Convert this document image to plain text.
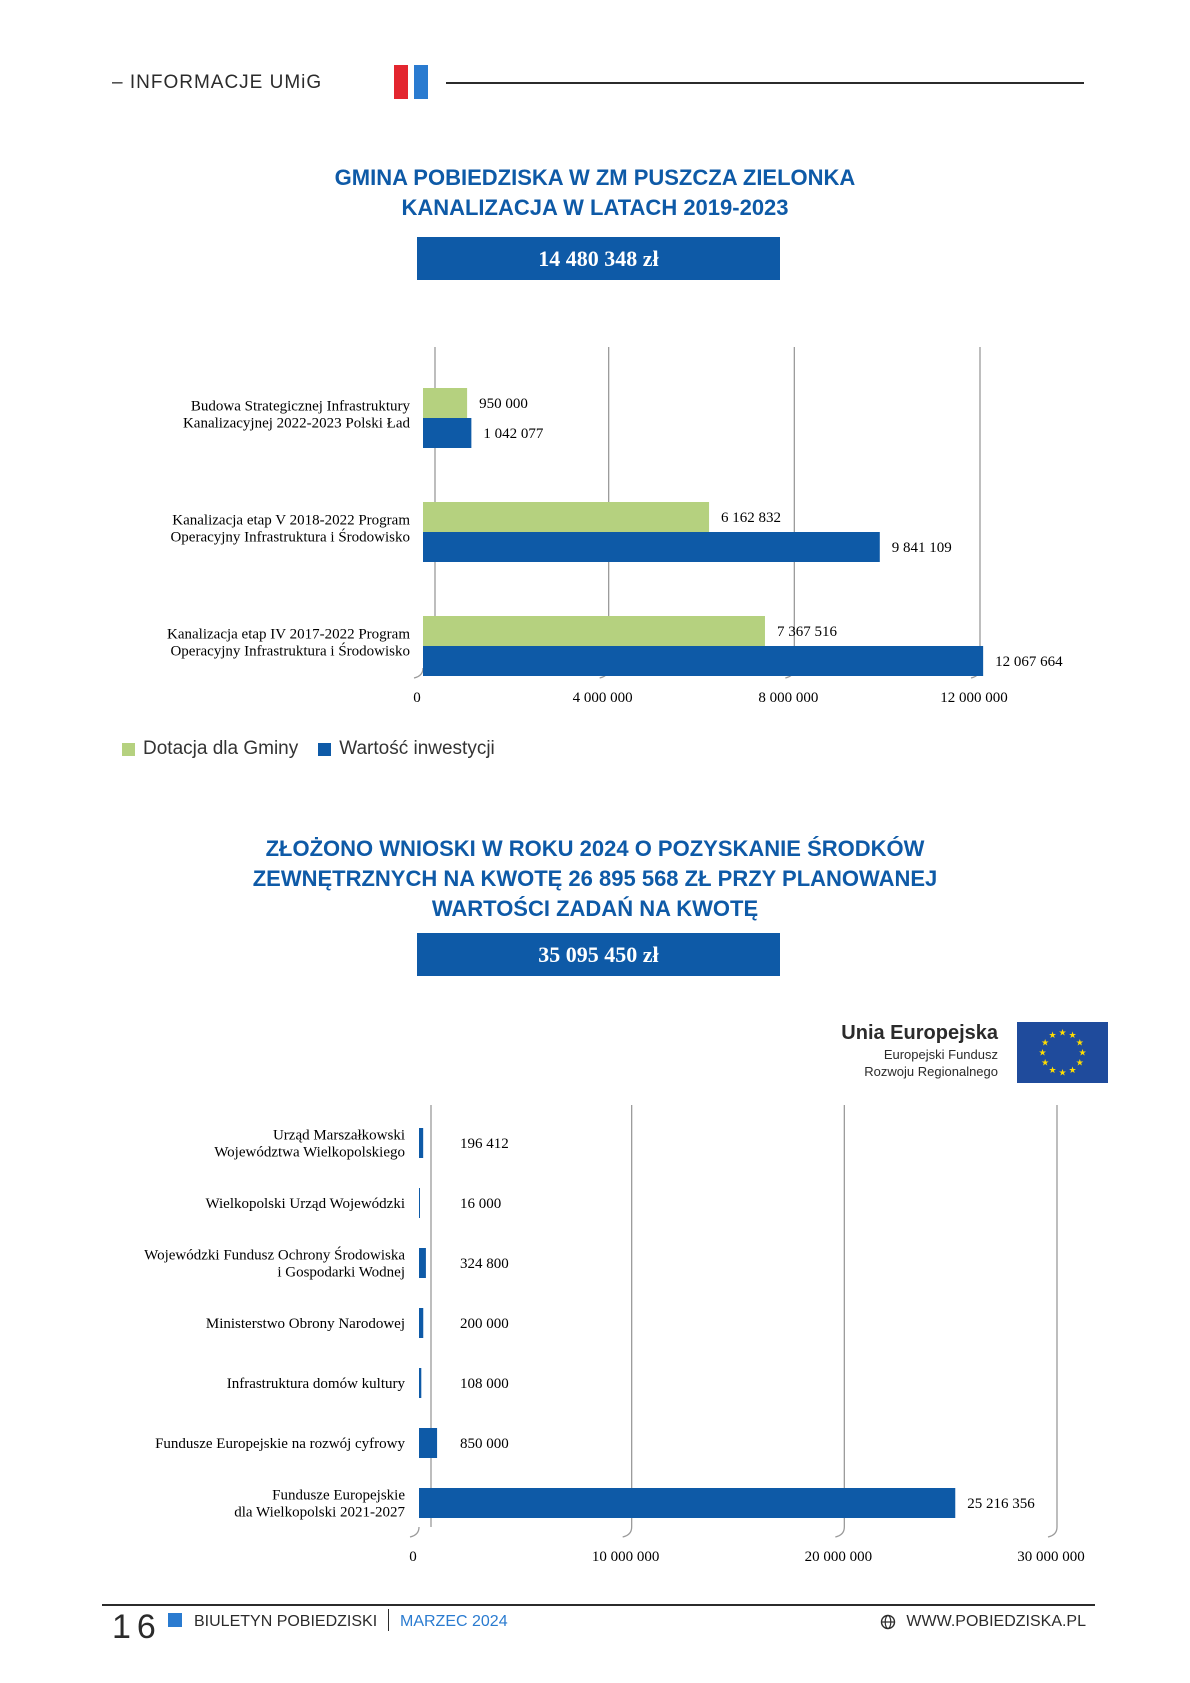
– INFORMACJE UMiG
GMINA POBIEDZISKA W ZM PUSZCZA ZIELONKA
KANALIZACJA W LATACH 2019-2023
14 480 348 zł
0	4 000 000	8 000 000	12 000 000
950 000
1 042 077
Budowa Strategicznej Infrastruktury
Kanalizacyjnej 2022-2023 Polski Ład
6 162 832
9 841 109
Kanalizacja etap V 2018-2022 Program
Operacyjny Infrastruktura i Środowisko
7 367 516
12 067 664
Kanalizacja etap IV 2017-2022 Program
Operacyjny Infrastruktura i Środowisko
Dotacja dla Gminy Wartość inwestycji
ZŁOŻONO WNIOSKI W ROKU 2024 O POZYSKANIE ŚRODKÓW
ZEWNĘTRZNYCH NA KWOTĘ 26 895 568 ZŁ PRZY PLANOWANEJ
WARTOŚCI ZADAŃ NA KWOTĘ
35 095 450 zł
Unia Europejska
Europejski Fundusz
Rozwoju Regionalnego
★ ★
★
★
★
★
★
★
★
★
★
★
0	10 000 000	20 000 000	30 000 000
196 412
Urząd Marszałkowski
Województwa Wielkopolskiego
16 000
Wielkopolski Urząd Wojewódzki
324 800
Wojewódzki Fundusz Ochrony Środowiska
i Gospodarki Wodnej
200 000
Ministerstwo Obrony Narodowej
108 000
Infrastruktura domów kultury
850 000
Fundusze Europejskie na rozwój cyfrowy
25 216 356
Fundusze Europejskie
dla Wielkopolski 2021-2027
16 BIULETYN POBIEDZISKI MARZEC 2024	WWW.POBIEDZISKA.PL
